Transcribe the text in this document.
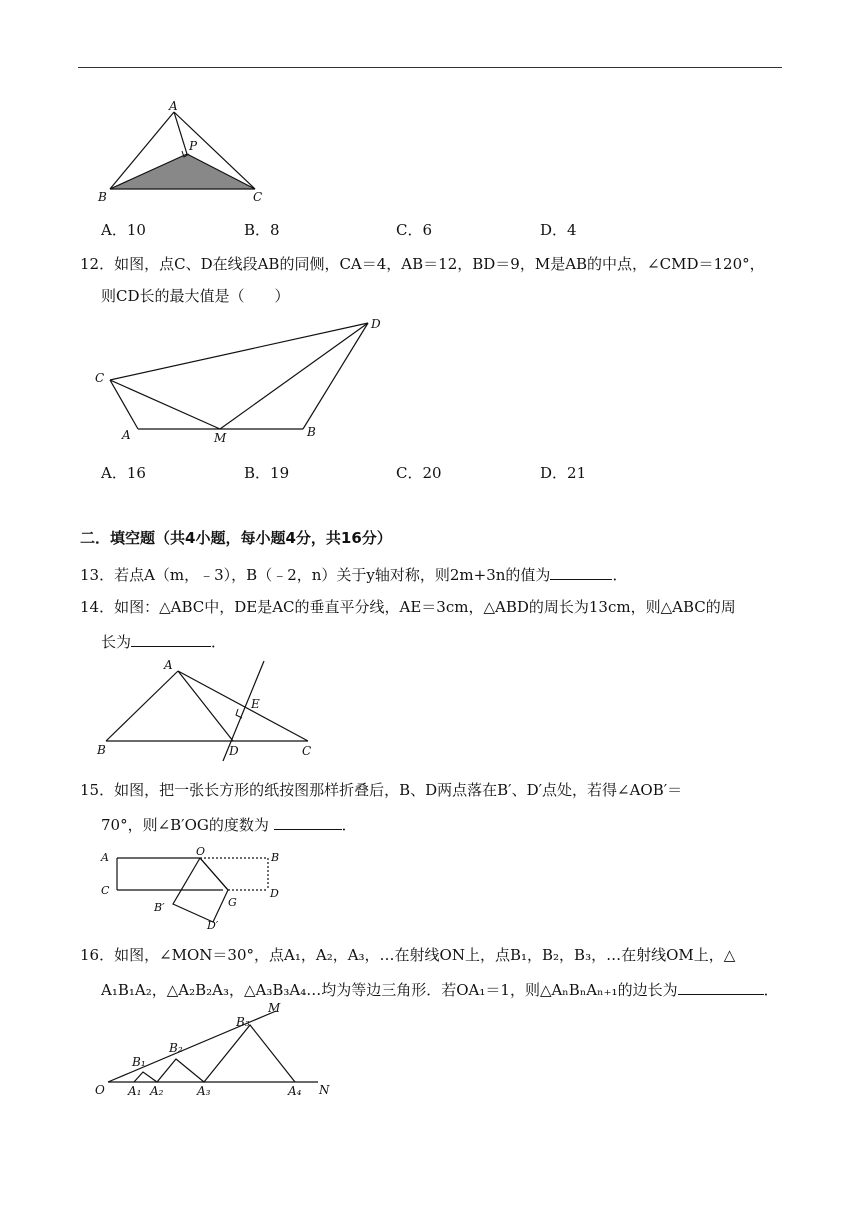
A
P
B	C
A．10	B．8	C．6	D．4
12．如图，点C、D在线段AB的同侧，CA＝4，AB＝12，BD＝9，M是AB的中点，∠CMD＝120°，
则CD长的最大值是（　　）
C
D
A	M	B
A．16	B．19	C．20	D．21
二．填空题（共4小题，每小题4分，共16分）
13．若点A（m，﹣3），B（﹣2，n）关于y轴对称，则2m+3n的值为	．
14．如图：△ABC中，DE是AC的垂直平分线，AE＝3cm，△ABD的周长为13cm，则△ABC的周
长为	．
A
E
B	D	C
15．如图，把一张长方形的纸按图那样折叠后，B、D两点落在B′、D′点处，若得∠AOB′＝
70°，则∠B′OG的度数为	．
A	O	B
C	D
G
B′
D′
16．如图，∠MON＝30°，点A₁，A₂，A₃，…在射线ON上，点B₁，B₂，B₃，…在射线OM上，△
A₁B₁A₂，△A₂B₂A₃，△A₃B₃A₄…均为等边三角形．若OA₁＝1，则△AₙBₙAₙ₊₁的边长为	．
O A₁ A₂	A₃	A₄ N
B₁
B₂
B₃
M
